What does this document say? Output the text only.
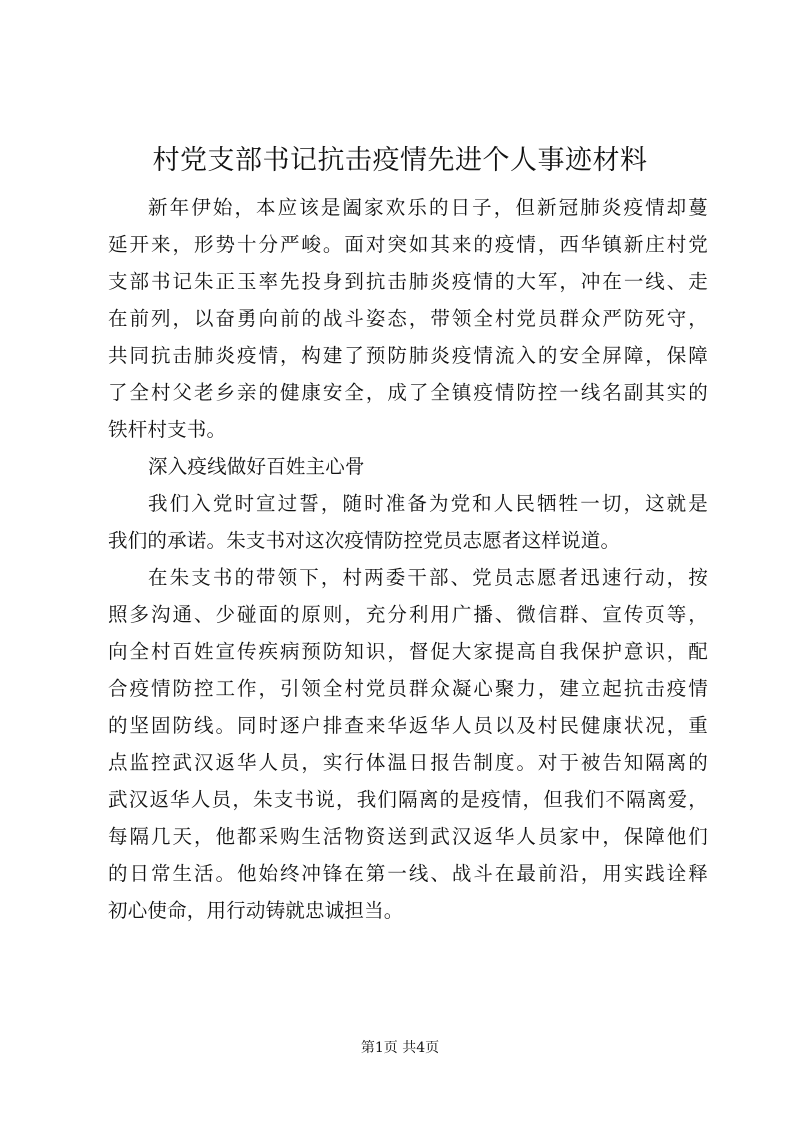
村党支部书记抗击疫情先进个人事迹材料
新年伊始，本应该是阖家欢乐的日子，但新冠肺炎疫情却蔓
延开来，形势十分严峻。面对突如其来的疫情，西华镇新庄村党
支部书记朱正玉率先投身到抗击肺炎疫情的大军，冲在一线、走
在前列，以奋勇向前的战斗姿态，带领全村党员群众严防死守，
共同抗击肺炎疫情，构建了预防肺炎疫情流入的安全屏障，保障
了全村父老乡亲的健康安全，成了全镇疫情防控一线名副其实的
铁杆村支书。
深入疫线做好百姓主心骨
我们入党时宣过誓，随时准备为党和人民牺牲一切，这就是
我们的承诺。朱支书对这次疫情防控党员志愿者这样说道。
在朱支书的带领下，村两委干部、党员志愿者迅速行动，按
照多沟通、少碰面的原则，充分利用广播、微信群、宣传页等，
向全村百姓宣传疾病预防知识，督促大家提高自我保护意识，配
合疫情防控工作，引领全村党员群众凝心聚力，建立起抗击疫情
的坚固防线。同时逐户排查来华返华人员以及村民健康状况，重
点监控武汉返华人员，实行体温日报告制度。对于被告知隔离的
武汉返华人员，朱支书说，我们隔离的是疫情，但我们不隔离爱，
每隔几天，他都采购生活物资送到武汉返华人员家中，保障他们
的日常生活。他始终冲锋在第一线、战斗在最前沿，用实践诠释
初心使命，用行动铸就忠诚担当。
第1页 共4页
